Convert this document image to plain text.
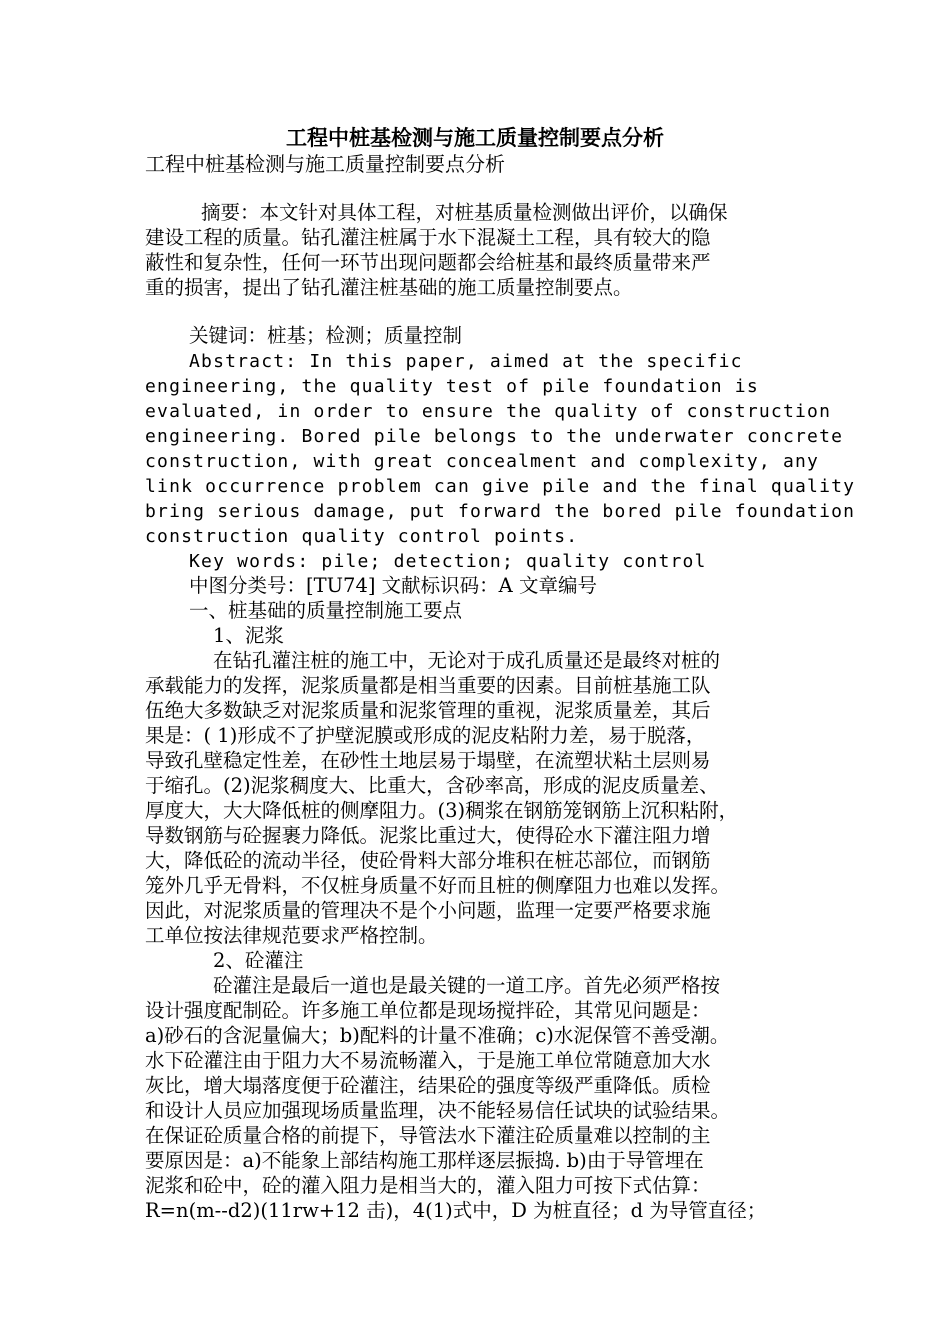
工程中桩基检测与施工质量控制要点分析
工程中桩基检测与施工质量控制要点分析
摘要：本文针对具体工程，对桩基质量检测做出评价，以确保
建设工程的质量。钻孔灌注桩属于水下混凝土工程，具有较大的隐
蔽性和复杂性，任何一环节出现问题都会给桩基和最终质量带来严
重的损害，提出了钻孔灌注桩基础的施工质量控制要点。
关键词：桩基；检测；质量控制
Abstract: In this paper, aimed at the specific
engineering, the quality test of pile foundation is
evaluated, in order to ensure the quality of construction
engineering. Bored pile belongs to the underwater concrete
construction, with great concealment and complexity, any
link occurrence problem can give pile and the final quality
bring serious damage, put forward the bored pile foundation
construction quality control points.
Key words: pile; detection; quality control
中图分类号：[TU74] 文献标识码：A 文章编号
一、桩基础的质量控制施工要点
1、泥浆
在钻孔灌注桩的施工中，无论对于成孔质量还是最终对桩的
承载能力的发挥，泥浆质量都是相当重要的因素。目前桩基施工队
伍绝大多数缺乏对泥浆质量和泥浆管理的重视，泥浆质量差，其后
果是：( 1)形成不了护壁泥膜或形成的泥皮粘附力差，易于脱落，
导致孔壁稳定性差，在砂性土地层易于塌壁，在流塑状粘土层则易
于缩孔。(2)泥浆稠度大、比重大，含砂率高，形成的泥皮质量差、
厚度大，大大降低桩的侧摩阻力。(3)稠浆在钢筋笼钢筋上沉积粘附，
导数钢筋与砼握裹力降低。泥浆比重过大，使得砼水下灌注阻力增
大，降低砼的流动半径，使砼骨料大部分堆积在桩芯部位，而钢筋
笼外几乎无骨料，不仅桩身质量不好而且桩的侧摩阻力也难以发挥。
因此，对泥浆质量的管理决不是个小问题，监理一定要严格要求施
工单位按法律规范要求严格控制。
2、砼灌注
砼灌注是最后一道也是最关键的一道工序。首先必须严格按
设计强度配制砼。许多施工单位都是现场搅拌砼，其常见问题是：
a)砂石的含泥量偏大；b)配料的计量不准确；c)水泥保管不善受潮。
水下砼灌注由于阻力大不易流畅灌入，于是施工单位常随意加大水
灰比，增大塌落度便于砼灌注，结果砼的强度等级严重降低。质检
和设计人员应加强现场质量监理，决不能轻易信任试块的试验结果。
在保证砼质量合格的前提下，导管法水下灌注砼质量难以控制的主
要原因是：a)不能象上部结构施工那样逐层振捣. b)由于导管埋在
泥浆和砼中，砼的灌入阻力是相当大的，灌入阻力可按下式估算：
R=n(m--d2)(11rw+12 击)，4(1)式中，D 为桩直径；d 为导管直径；
